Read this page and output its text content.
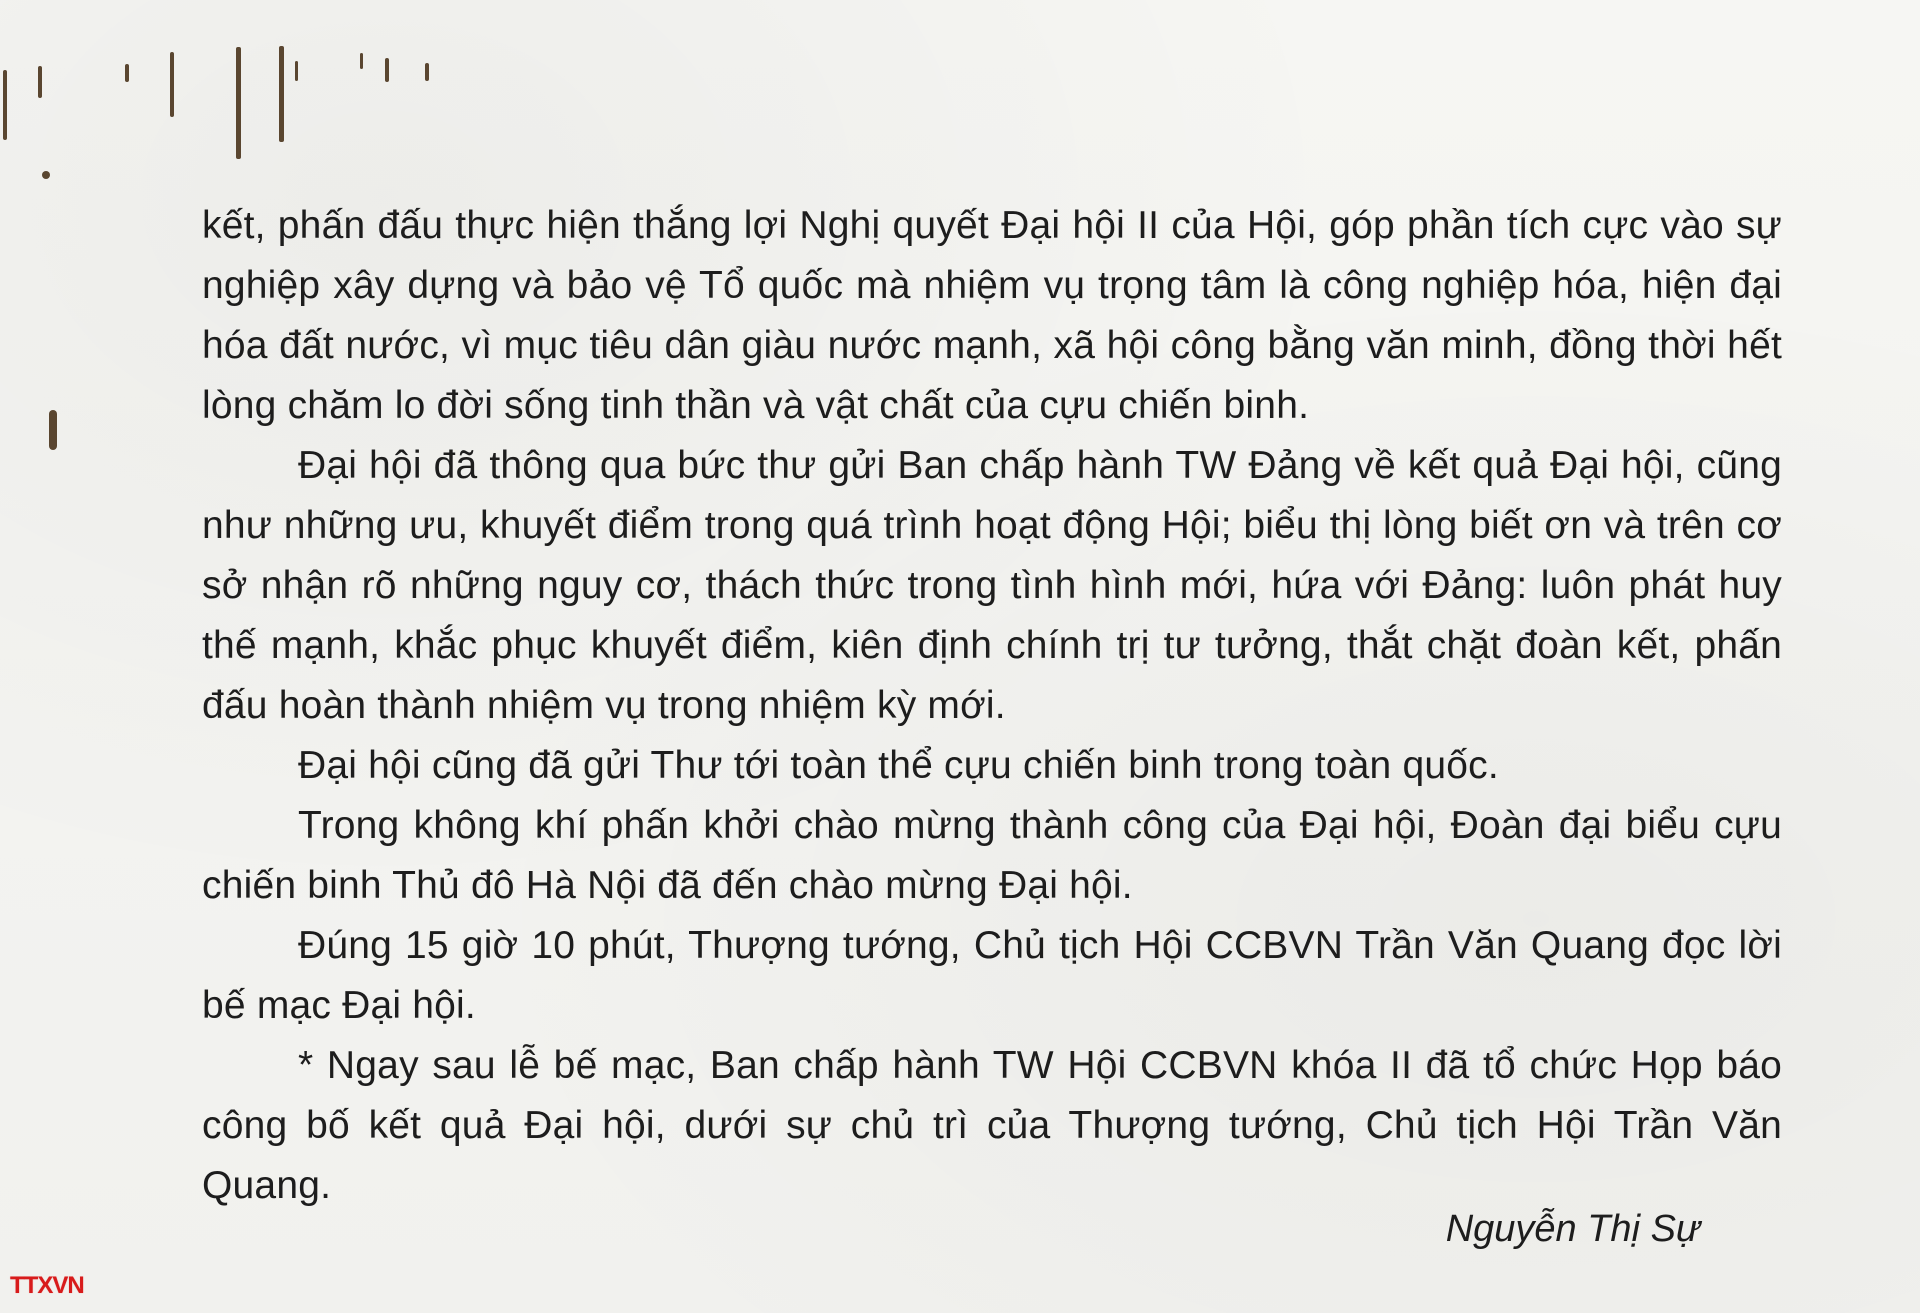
kết, phấn đấu thực hiện thắng lợi Nghị quyết Đại hội II của Hội, góp phần tích cực vào sự nghiệp xây dựng và bảo vệ Tổ quốc mà nhiệm vụ trọng tâm là công nghiệp hóa, hiện đại hóa đất nước, vì mục tiêu dân giàu nước mạnh, xã hội công bằng văn minh, đồng thời hết lòng chăm lo đời sống tinh thần và vật chất của cựu chiến binh.

Đại hội đã thông qua bức thư gửi Ban chấp hành TW Đảng về kết quả Đại hội, cũng như những ưu, khuyết điểm trong quá trình hoạt động Hội; biểu thị lòng biết ơn và trên cơ sở nhận rõ những nguy cơ, thách thức trong tình hình mới, hứa với Đảng: luôn phát huy thế mạnh, khắc phục khuyết điểm, kiên định chính trị tư tưởng, thắt chặt đoàn kết, phấn đấu hoàn thành nhiệm vụ trong nhiệm kỳ mới.

Đại hội cũng đã gửi Thư tới toàn thể cựu chiến binh trong toàn quốc.

Trong không khí phấn khởi chào mừng thành công của Đại hội, Đoàn đại biểu cựu chiến binh Thủ đô Hà Nội đã đến chào mừng Đại hội.

Đúng 15 giờ 10 phút, Thượng tướng, Chủ tịch Hội CCBVN Trần Văn Quang đọc lời bế mạc Đại hội.

* Ngay sau lễ bế mạc, Ban chấp hành TW Hội CCBVN khóa II đã tổ chức Họp báo công bố kết quả Đại hội, dưới sự chủ trì của Thượng tướng, Chủ tịch Hội Trần Văn Quang.

Nguyễn Thị Sự
TTXVN
